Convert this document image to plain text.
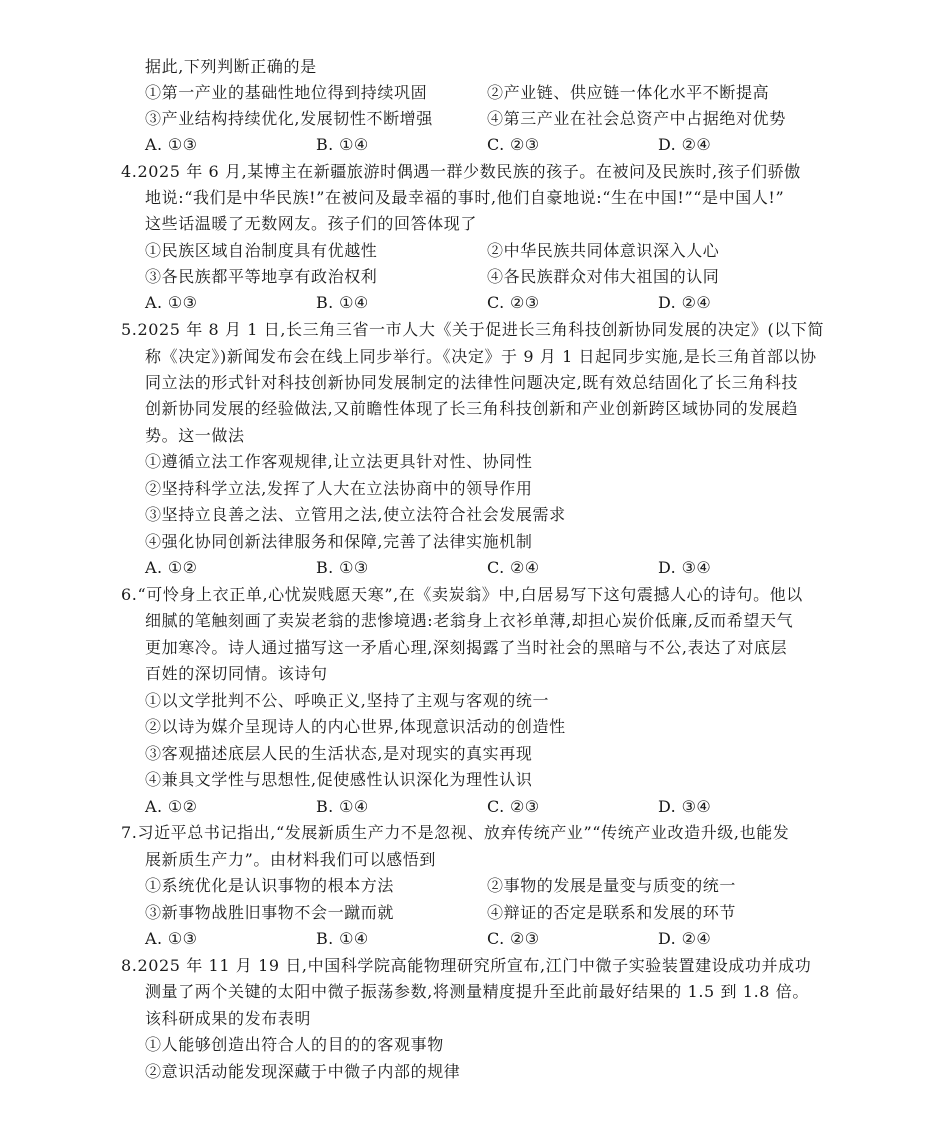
据此,下列判断正确的是
①第一产业的基础性地位得到持续巩固	②产业链、供应链一体化水平不断提高
③产业结构持续优化,发展韧性不断增强	④第三产业在社会总资产中占据绝对优势
A. ①③	B. ①④	C. ②③	D. ②④
4.2025 年 6 月,某博主在新疆旅游时偶遇一群少数民族的孩子。在被问及民族时,孩子们骄傲
地说:“我们是中华民族!”在被问及最幸福的事时,他们自豪地说:“生在中国!”“是中国人!”
这些话温暖了无数网友。孩子们的回答体现了
①民族区域自治制度具有优越性	②中华民族共同体意识深入人心
③各民族都平等地享有政治权利	④各民族群众对伟大祖国的认同
A. ①③	B. ①④	C. ②③	D. ②④
5.2025 年 8 月 1 日,长三角三省一市人大《关于促进长三角科技创新协同发展的决定》(以下简
称《决定》)新闻发布会在线上同步举行。《决定》于 9 月 1 日起同步实施,是长三角首部以协
同立法的形式针对科技创新协同发展制定的法律性问题决定,既有效总结固化了长三角科技
创新协同发展的经验做法,又前瞻性体现了长三角科技创新和产业创新跨区域协同的发展趋
势。这一做法
①遵循立法工作客观规律,让立法更具针对性、协同性
②坚持科学立法,发挥了人大在立法协商中的领导作用
③坚持立良善之法、立管用之法,使立法符合社会发展需求
④强化协同创新法律服务和保障,完善了法律实施机制
A. ①②	B. ①③	C. ②④	D. ③④
6.“可怜身上衣正单,心忧炭贱愿天寒”,在《卖炭翁》中,白居易写下这句震撼人心的诗句。他以
细腻的笔触刻画了卖炭老翁的悲惨境遇:老翁身上衣衫单薄,却担心炭价低廉,反而希望天气
更加寒冷。诗人通过描写这一矛盾心理,深刻揭露了当时社会的黑暗与不公,表达了对底层
百姓的深切同情。该诗句
①以文学批判不公、呼唤正义,坚持了主观与客观的统一
②以诗为媒介呈现诗人的内心世界,体现意识活动的创造性
③客观描述底层人民的生活状态,是对现实的真实再现
④兼具文学性与思想性,促使感性认识深化为理性认识
A. ①②	B. ①④	C. ②③	D. ③④
7.习近平总书记指出,“发展新质生产力不是忽视、放弃传统产业”“传统产业改造升级,也能发
展新质生产力”。由材料我们可以感悟到
①系统优化是认识事物的根本方法	②事物的发展是量变与质变的统一
③新事物战胜旧事物不会一蹴而就	④辩证的否定是联系和发展的环节
A. ①③	B. ①④	C. ②③	D. ②④
8.2025 年 11 月 19 日,中国科学院高能物理研究所宣布,江门中微子实验装置建设成功并成功
测量了两个关键的太阳中微子振荡参数,将测量精度提升至此前最好结果的 1.5 到 1.8 倍。
该科研成果的发布表明
①人能够创造出符合人的目的的客观事物
②意识活动能发现深藏于中微子内部的规律
